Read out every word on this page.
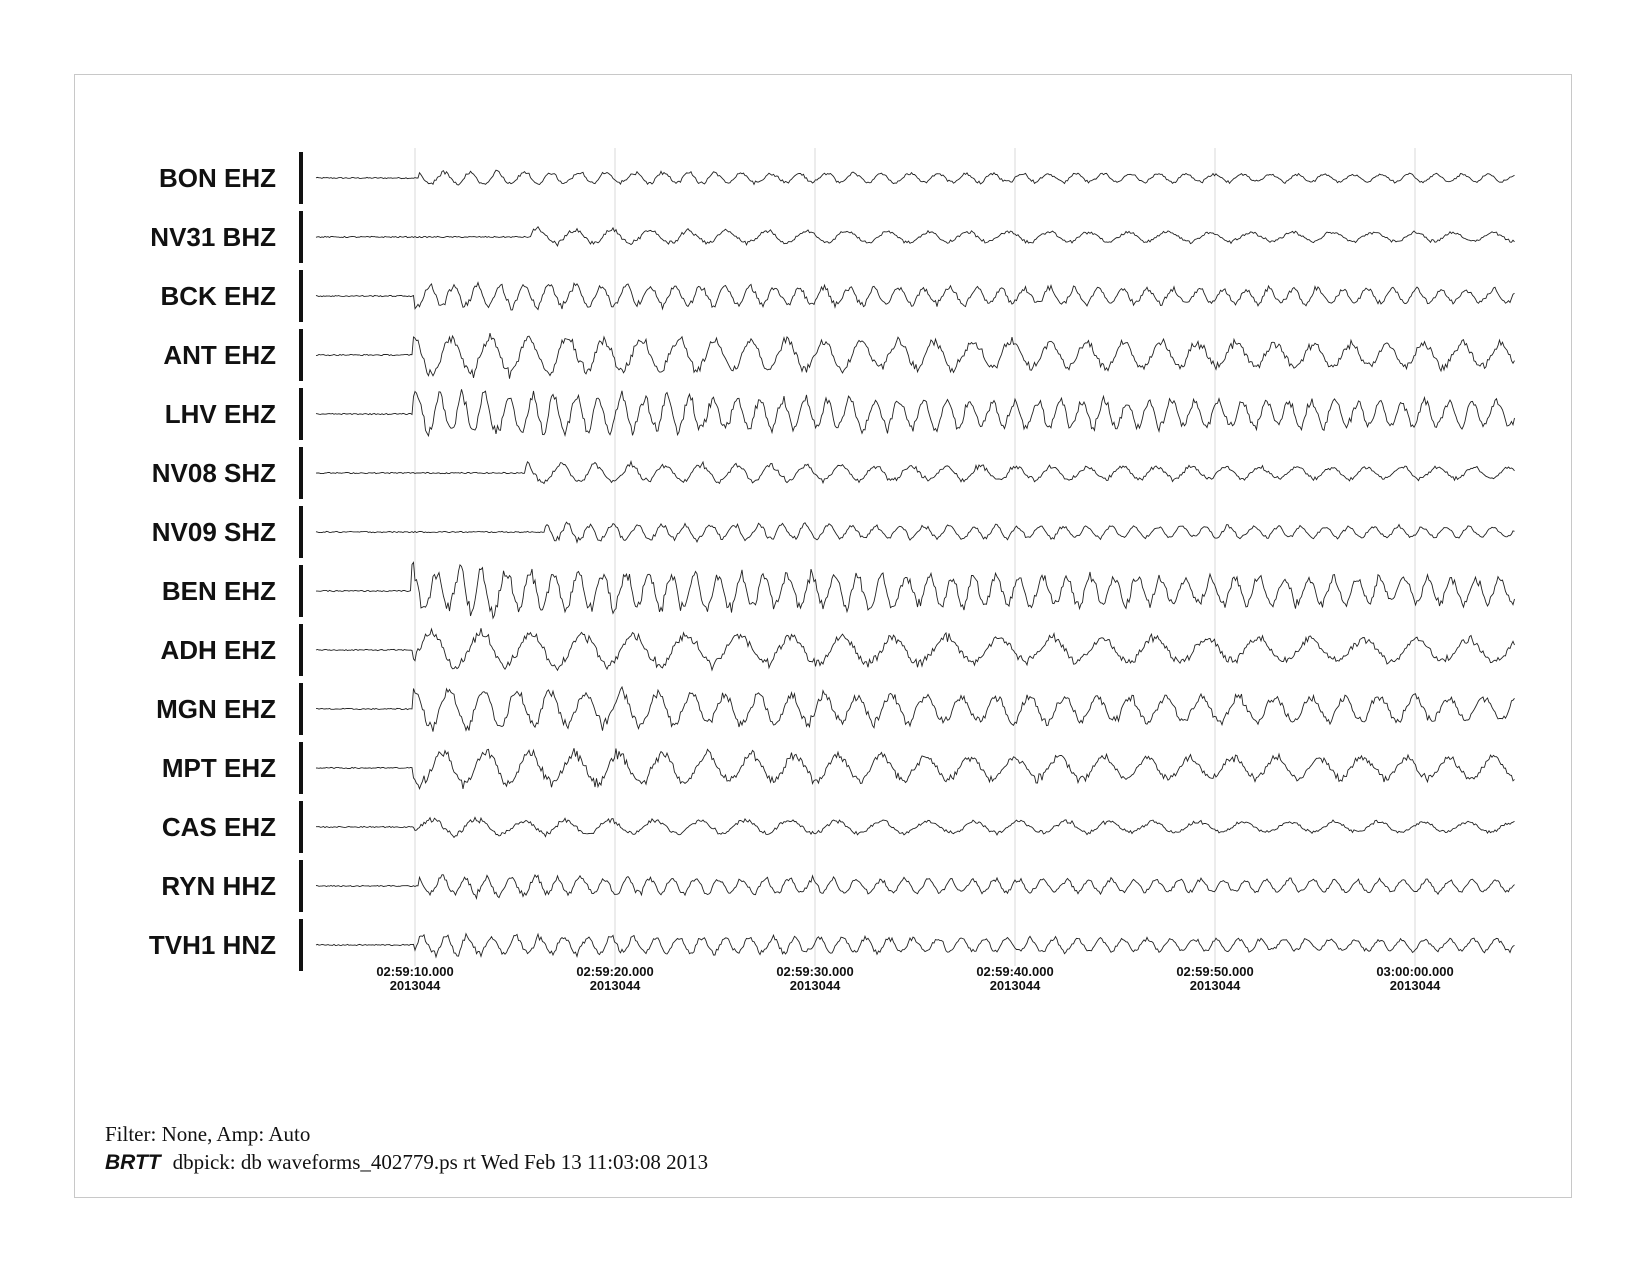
BON EHZ
NV31 BHZ
BCK EHZ
ANT EHZ
LHV EHZ
NV08 SHZ
NV09 SHZ
BEN EHZ
ADH EHZ
MGN EHZ
MPT EHZ
CAS EHZ
RYN HHZ
TVH1 HNZ
02:59:10.000
2013044
02:59:20.000
2013044
02:59:30.000
2013044
02:59:40.000
2013044
02:59:50.000
2013044
03:00:00.000
2013044
Filter: None, Amp: Auto
BRTT dbpick: db waveforms_402779.ps rt Wed Feb 13 11:03:08 2013
